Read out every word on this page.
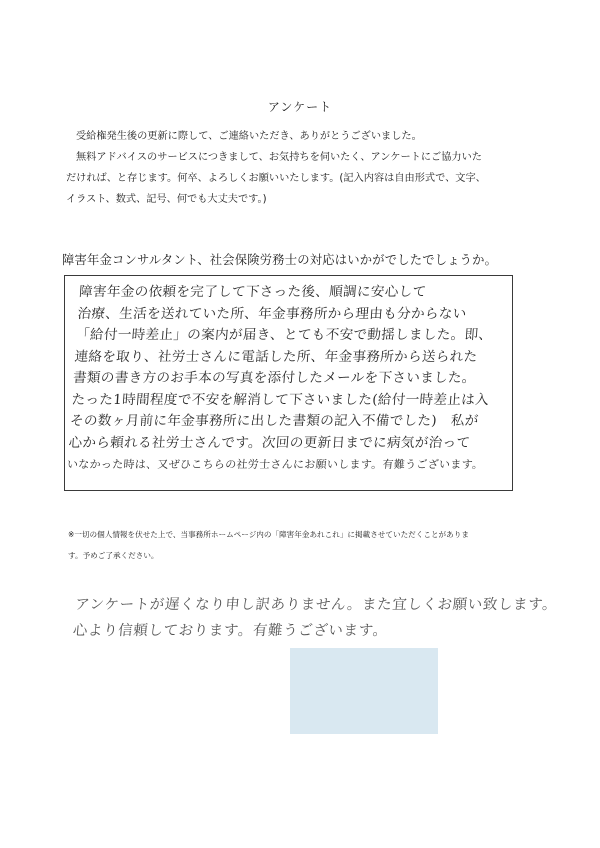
アンケート

受給権発生後の更新に際して、ご連絡いただき、ありがとうございました。

無料アドバイスのサービスにつきまして、お気持ちを伺いたく、アンケートにご協力いた

だければ、と存じます。何卒、よろしくお願いいたします。(記入内容は自由形式で、文字、

イラスト、数式、記号、何でも大丈夫です。)

障害年金コンサルタント、社会保険労務士の対応はいかがでしたでしょうか。

障害年金の依頼を完了して下さった後、順調に安心して

治療、生活を送れていた所、年金事務所から理由も分からない

「給付一時差止」の案内が届き、とても不安で動揺しました。即、

連絡を取り、社労士さんに電話した所、年金事務所から送られた

書類の書き方のお手本の写真を添付したメールを下さいました。

たった1時間程度で不安を解消して下さいました(給付一時差止は入

その数ヶ月前に年金事務所に出した書類の記入不備でした)　私が

心から頼れる社労士さんです。次回の更新日までに病気が治って

いなかった時は、又ぜひこちらの社労士さんにお願いします。有難うございます。

※一切の個人情報を伏せた上で、当事務所ホームページ内の「障害年金あれこれ」に掲載させていただくことがありま

す。予めご了承ください。

アンケートが遅くなり申し訳ありません。また宜しくお願い致します。

心より信頼しております。有難うございます。
